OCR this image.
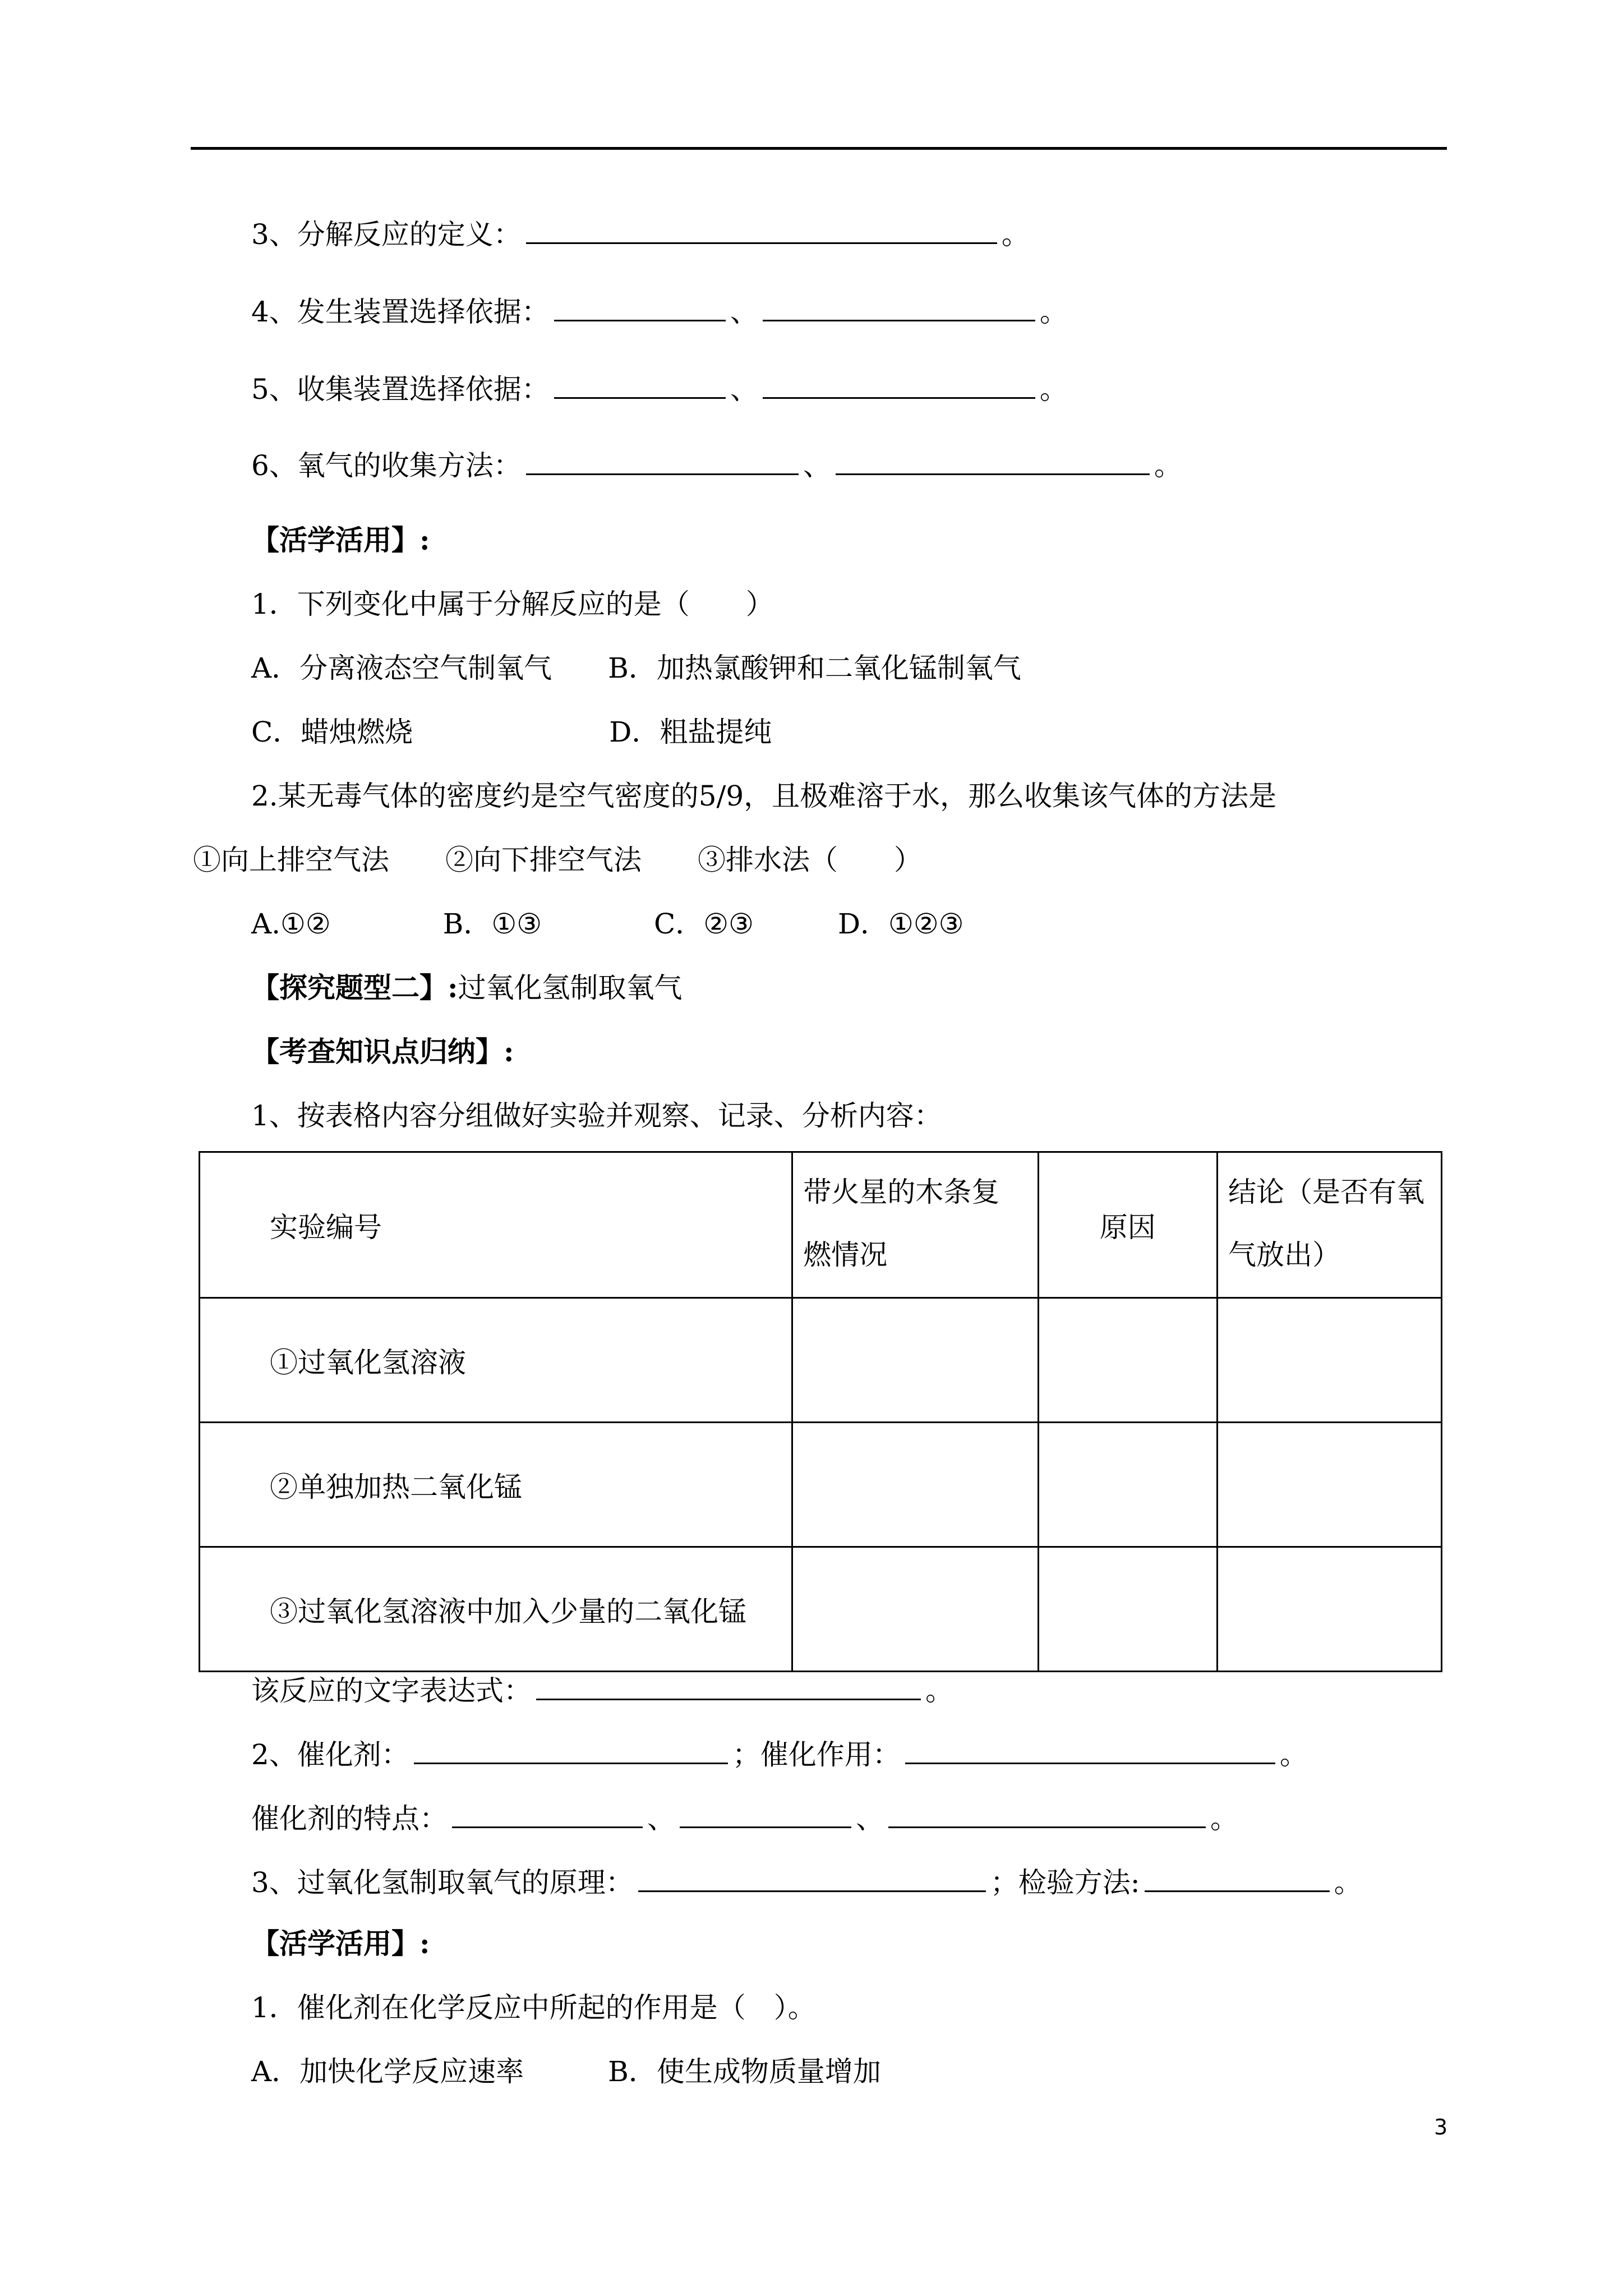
3、分解反应的定义：	。
4、发生装置选择依据：	、	。
5、收集装置选择依据：	、	。
6、氧气的收集方法：	、	。
【活学活用】:
1．下列变化中属于分解反应的是（　　）
A．分离液态空气制氧气　　B．加热氯酸钾和二氧化锰制氧气
C．蜡烛燃烧　　　　　　　D．粗盐提纯
2.某无毒气体的密度约是空气密度的5/9，且极难溶于水，那么收集该气体的方法是
①向上排空气法　　②向下排空气法　　③排水法（　　）
A.①②　　　　B．①③　　　　C．②③　　　D．①②③
【探究题型二】:过氧化氢制取氧气
【考查知识点归纳】:
1、按表格内容分组做好实验并观察、记录、分析内容：
实验编号	带火星的木条复燃情况	原因	结论（是否有氧气放出）
①过氧化氢溶液			
②单独加热二氧化锰			
③过氧化氢溶液中加入少量的二氧化锰			
该反应的文字表达式：	。
2、催化剂：	；催化作用：	。
催化剂的特点：	、	、	。
3、过氧化氢制取氧气的原理：	；检验方法:	。
【活学活用】:
1．催化剂在化学反应中所起的作用是（　）。
A．加快化学反应速率　　　B．使生成物质量增加
3
